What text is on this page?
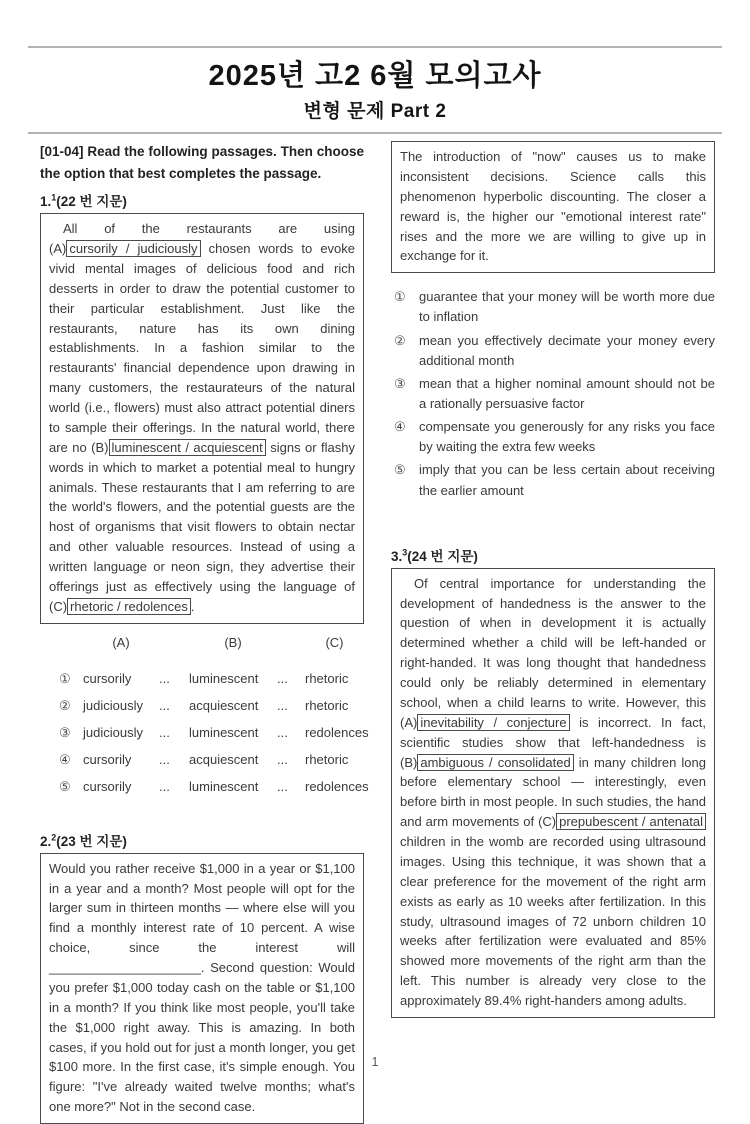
2025년 고2 6월 모의고사
변형 문제 Part 2

[01-04] Read the following passages. Then choose the option that best completes the passage.

1.$^1$(22 번 지문)
All of the restaurants are using (A) cursorily / judiciously chosen words to evoke vivid mental images of delicious food and rich desserts in order to draw the potential customer to their particular establishment. Just like the restaurants, nature has its own dining establishments. In a fashion similar to the restaurants' financial dependence upon drawing in many customers, the restaurateurs of the natural world (i.e., flowers) must also attract potential diners to sample their offerings. In the natural world, there are no (B) luminescent / acquiescent signs or flashy words in which to market a potential meal to hungry animals. These restaurants that I am referring to are the world's flowers, and the potential guests are the host of organisms that visit flowers to obtain nectar and other valuable resources. Instead of using a written language or neon sign, they advertise their offerings just as effectively using the language of (C) rhetoric / redolences .
(A)	(B)	(C)
① cursorily	...	luminescent	...	rhetoric
② judiciously	...	acquiescent	...	rhetoric
③ judiciously	...	luminescent	...	redolences
④ cursorily	...	acquiescent	...	rhetoric
⑤ cursorily	...	luminescent	...	redolences
2.$^2$(23 번 지문)
Would you rather receive $1,000 in a year or $1,100 in a year and a month? Most people will opt for the larger sum in thirteen months — where else will you find a monthly interest rate of 10 percent. A wise choice, since the interest will _____________________. Second question: Would you prefer $1,000 today cash on the table or $1,100 in a month? If you think like most people, you'll take the $1,000 right away. This is amazing. In both cases, if you hold out for just a month longer, you get $100 more. In the first case, it's simple enough. You figure: "I've already waited twelve months; what's one more?" Not in the second case.
The introduction of "now" causes us to make inconsistent decisions. Science calls this phenomenon hyperbolic discounting. The closer a reward is, the higher our "emotional interest rate" rises and the more we are willing to give up in exchange for it.
①	guarantee that your money will be worth more due to inflation
②	mean you effectively decimate your money every additional month
③	mean that a higher nominal amount should not be a rationally persuasive factor
④	compensate you generously for any risks you face by waiting the extra few weeks
⑤	imply that you can be less certain about receiving the earlier amount
3.$^3$(24 번 지문)
Of central importance for understanding the development of handedness is the answer to the question of when in development it is actually determined whether a child will be left-handed or right-handed. It was long thought that handedness could only be reliably determined in elementary school, when a child learns to write. However, this (A) inevitability / conjecture is incorrect. In fact, scientific studies show that left-handedness is (B) ambiguous / consolidated in many children long before elementary school — interestingly, even before birth in most people. In such studies, the hand and arm movements of (C) prepubescent / antenatal children in the womb are recorded using ultrasound images. Using this technique, it was shown that a clear preference for the movement of the right arm exists as early as 10 weeks after fertilization. In this study, ultrasound images of 72 unborn children 10 weeks after fertilization were evaluated and 85% showed more movements of the right arm than the left. This number is already very close to the approximately 89.4% right-handers among adults.
1
